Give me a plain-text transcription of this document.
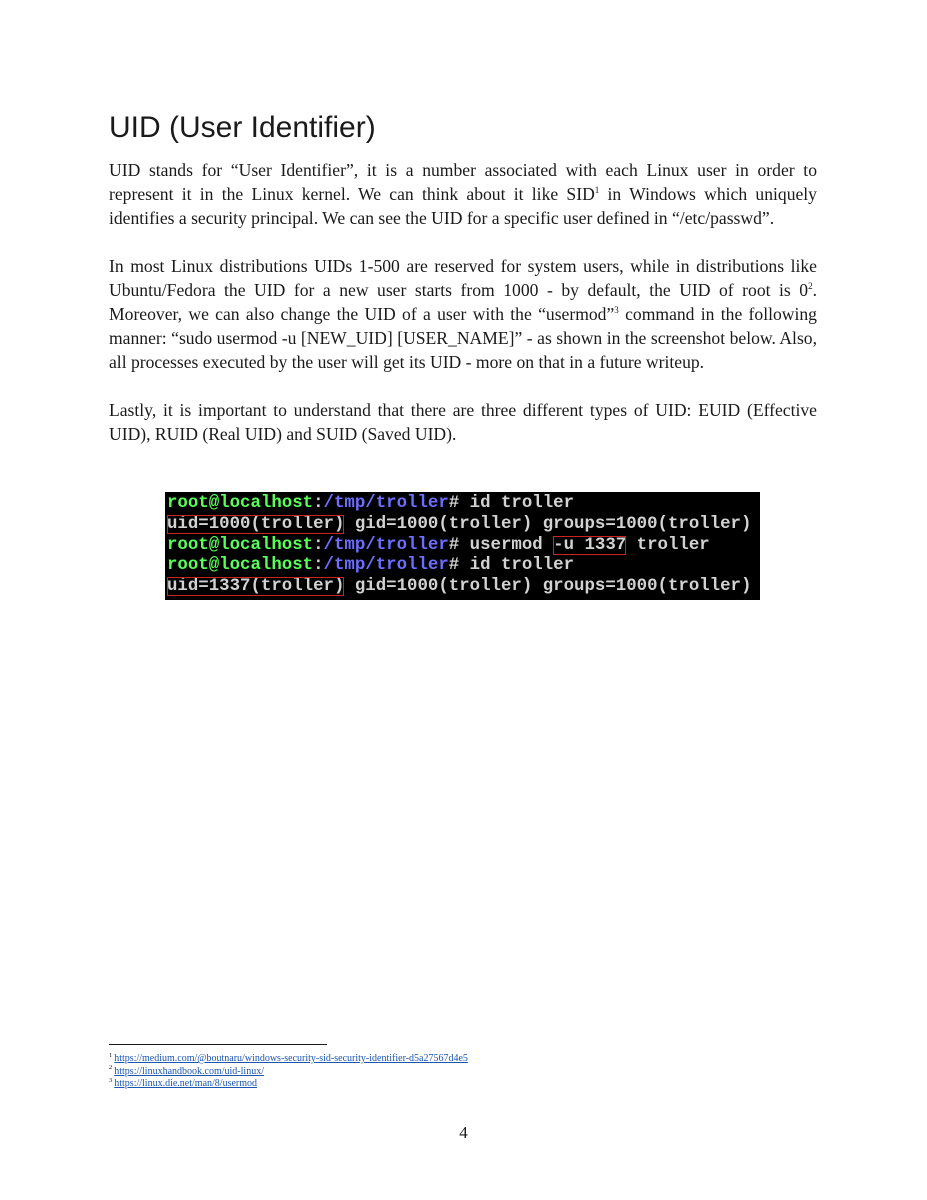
UID (User Identifier)

UID stands for “User Identifier”, it is a number associated with each Linux user in order to represent it in the Linux kernel. We can think about it like SID$^1$ in Windows which uniquely identifies a security principal. We can see the UID for a specific user defined in “/etc/passwd”.

In most Linux distributions UIDs 1-500 are reserved for system users, while in distributions like Ubuntu/Fedora the UID for a new user starts from 1000 - by default, the UID of root is $0^2$. Moreover, we can also change the UID of a user with the “usermod”$^3$ command in the following manner: “sudo usermod -u [NEW_UID] [USER_NAME]” - as shown in the screenshot below. Also, all processes executed by the user will get its UID - more on that in a future writeup.

Lastly, it is important to understand that there are three different types of UID: EUID (Effective UID), RUID (Real UID) and SUID (Saved UID).

root@localhost:/tmp/troller# id troller
uid=1000(troller) gid=1000(troller) groups=1000(troller)
root@localhost:/tmp/troller# usermod -u 1337 troller
root@localhost:/tmp/troller# id troller
uid=1337(troller) gid=1000(troller) groups=1000(troller)
$^1$ https://medium.com/@boutnaru/windows-security-sid-security-identifier-d5a27567d4e5
$^2$ https://linuxhandbook.com/uid-linux/
$^3$ https://linux.die.net/man/8/usermod
4
